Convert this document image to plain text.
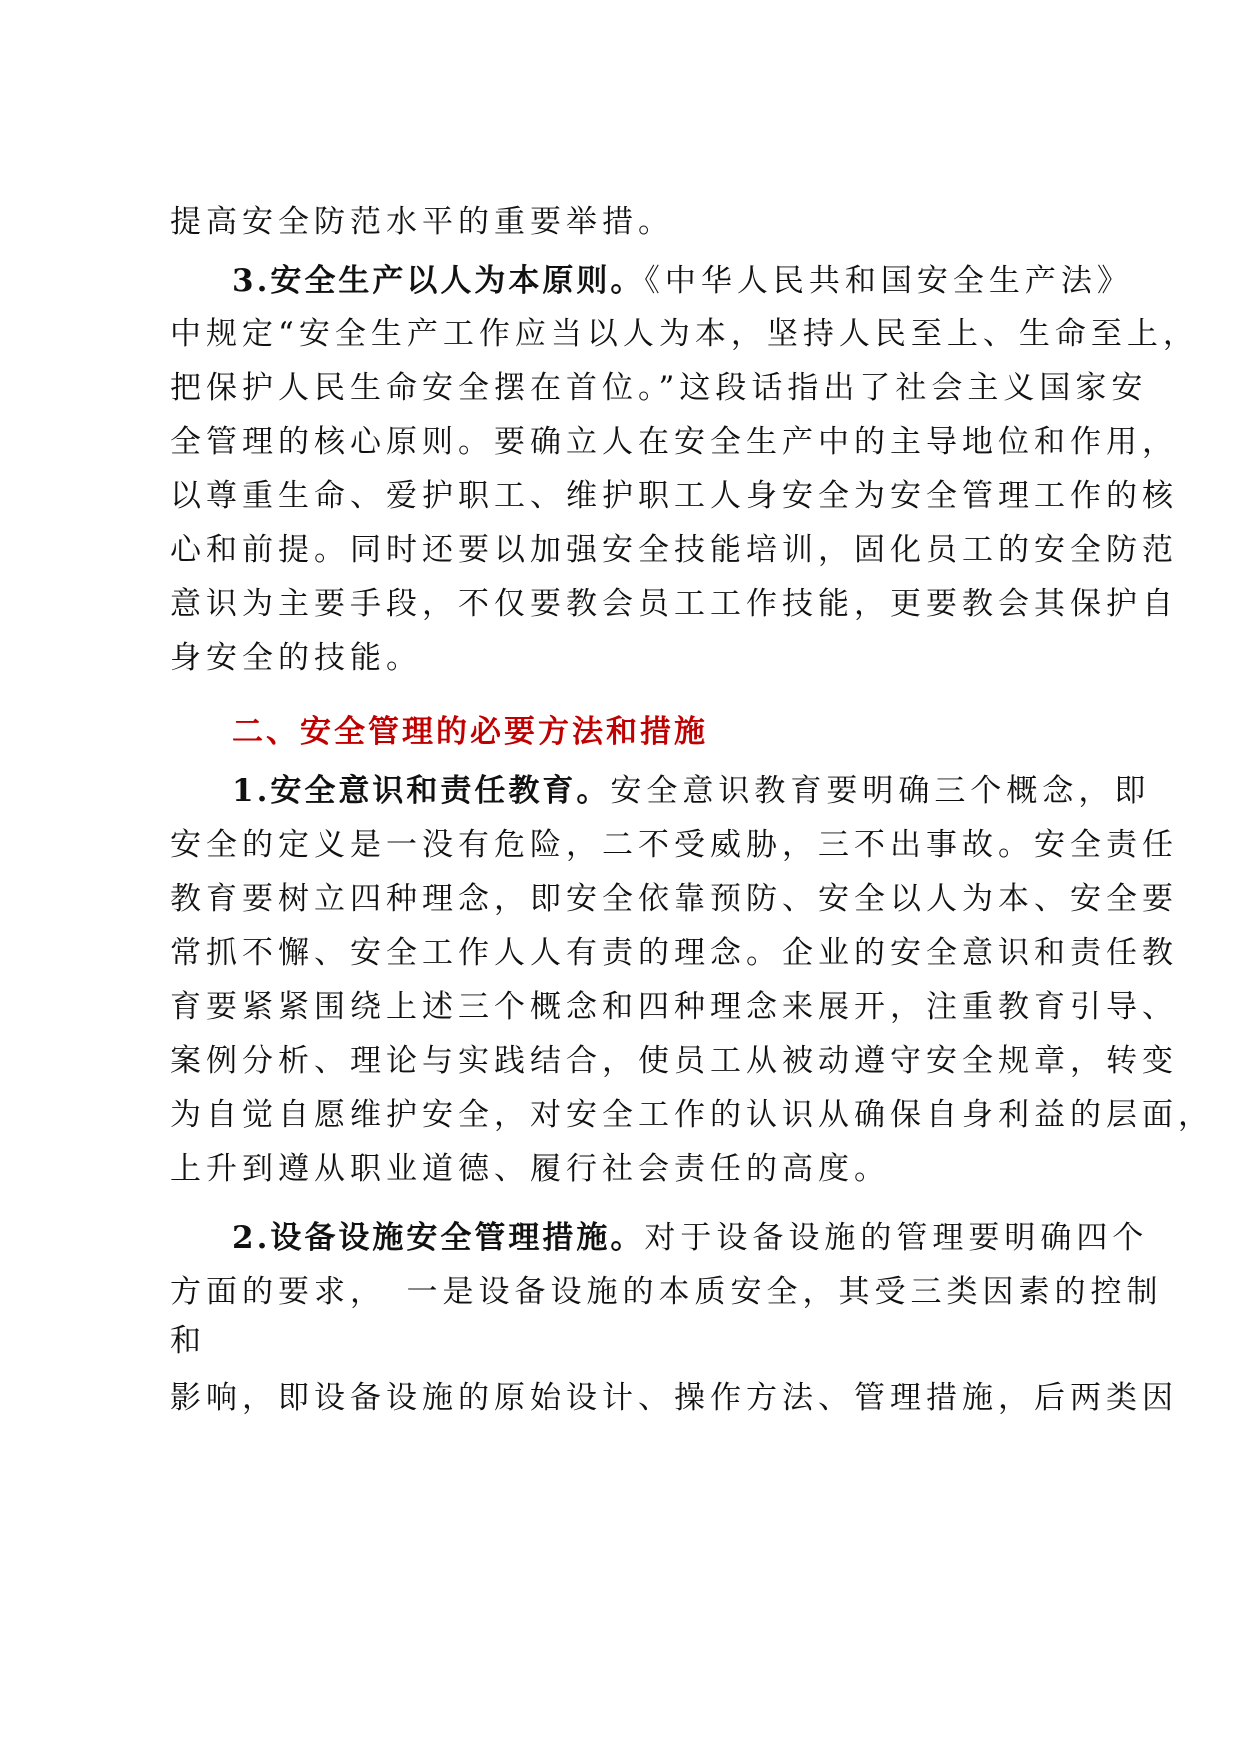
提高安全防范水平的重要举措。
3.安全生产以人为本原则。《中华人民共和国安全生产法》
中规定“安全生产工作应当以人为本，坚持人民至上、生命至上，
把保护人民生命安全摆在首位。”这段话指出了社会主义国家安
全管理的核心原则。要确立人在安全生产中的主导地位和作用，
以尊重生命、爱护职工、维护职工人身安全为安全管理工作的核
心和前提。同时还要以加强安全技能培训，固化员工的安全防范
意识为主要手段，不仅要教会员工工作技能，更要教会其保护自
身安全的技能。
二、安全管理的必要方法和措施
1.安全意识和责任教育。安全意识教育要明确三个概念，即
安全的定义是一没有危险，二不受威胁，三不出事故。安全责任
教育要树立四种理念，即安全依靠预防、安全以人为本、安全要
常抓不懈、安全工作人人有责的理念。企业的安全意识和责任教
育要紧紧围绕上述三个概念和四种理念来展开，注重教育引导、
案例分析、理论与实践结合，使员工从被动遵守安全规章，转变
为自觉自愿维护安全，对安全工作的认识从确保自身利益的层面，
上升到遵从职业道德、履行社会责任的高度。
2.设备设施安全管理措施。对于设备设施的管理要明确四个
方面的要求，　一是设备设施的本质安全，其受三类因素的控制
和
影响，即设备设施的原始设计、操作方法、管理措施，后两类因
